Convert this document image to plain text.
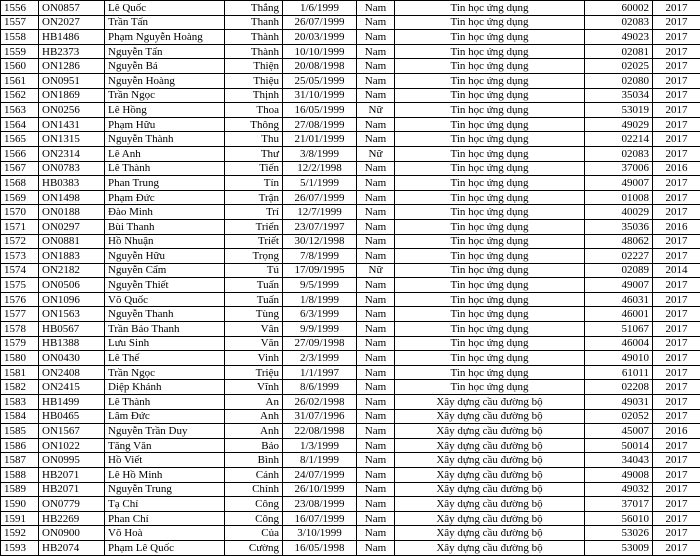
1556	ON0857	Lê Quốc	Thắng	1/6/1999	Nam	Tin học ứng dụng	60002	2017
1557	ON2027	Trần Tấn	Thanh	26/07/1999	Nam	Tin học ứng dụng	02083	2017
1558	HB1486	Phạm Nguyễn Hoàng	Thành	20/03/1999	Nam	Tin học ứng dụng	49023	2017
1559	HB2373	Nguyễn Tấn	Thành	10/10/1999	Nam	Tin học ứng dụng	02081	2017
1560	ON1286	Nguyễn Bá	Thiện	20/08/1998	Nam	Tin học ứng dụng	02025	2017
1561	ON0951	Nguyễn Hoàng	Thiệu	25/05/1999	Nam	Tin học ứng dụng	02080	2017
1562	ON1869	Trần Ngọc	Thịnh	31/10/1999	Nam	Tin học ứng dụng	35034	2017
1563	ON0256	Lê Hồng	Thoa	16/05/1999	Nữ	Tin học ứng dụng	53019	2017
1564	ON1431	Phạm Hữu	Thông	27/08/1999	Nam	Tin học ứng dụng	49029	2017
1565	ON1315	Nguyễn Thành	Thu	21/01/1999	Nam	Tin học ứng dụng	02214	2017
1566	ON2314	Lê Anh	Thư	3/8/1999	Nữ	Tin học ứng dụng	02083	2017
1567	ON0783	Lê Thành	Tiến	12/2/1998	Nam	Tin học ứng dụng	37006	2016
1568	HB0383	Phan Trung	Tín	5/1/1999	Nam	Tin học ứng dụng	49007	2017
1569	ON1498	Phạm Đức	Trận	26/07/1999	Nam	Tin học ứng dụng	01008	2017
1570	ON0188	Đào Minh	Trí	12/7/1999	Nam	Tin học ứng dụng	40029	2017
1571	ON0297	Bùi Thanh	Triển	23/07/1997	Nam	Tin học ứng dụng	35036	2016
1572	ON0881	Hồ Nhuận	Triết	30/12/1998	Nam	Tin học ứng dụng	48062	2017
1573	ON1883	Nguyễn Hữu	Trọng	7/8/1999	Nam	Tin học ứng dụng	02227	2017
1574	ON2182	Nguyễn Cẩm	Tú	17/09/1995	Nữ	Tin học ứng dụng	02089	2014
1575	ON0506	Nguyễn Thiết	Tuấn	9/5/1999	Nam	Tin học ứng dụng	49007	2017
1576	ON1096	Võ Quốc	Tuấn	1/8/1999	Nam	Tin học ứng dụng	46031	2017
1577	ON1563	Nguyễn Thanh	Tùng	6/3/1999	Nam	Tin học ứng dụng	46001	2017
1578	HB0567	Trần Bảo Thanh	Vân	9/9/1999	Nam	Tin học ứng dụng	51067	2017
1579	HB1388	Lưu Sinh	Văn	27/09/1998	Nam	Tin học ứng dụng	46004	2017
1580	ON0430	Lê Thế	Vinh	2/3/1999	Nam	Tin học ứng dụng	49010	2017
1581	ON2408	Trần Ngọc	Triệu	1/1/1997	Nam	Tin học ứng dụng	61011	2017
1582	ON2415	Diệp Khánh	Vĩnh	8/6/1999	Nam	Tin học ứng dụng	02208	2017
1583	HB1499	Lê Thành	An	26/02/1998	Nam	Xây dựng cầu đường bộ	49031	2017
1584	HB0465	Lâm Đức	Anh	31/07/1996	Nam	Xây dựng cầu đường bộ	02052	2017
1585	ON1567	Nguyễn Trần Duy	Anh	22/08/1998	Nam	Xây dựng cầu đường bộ	45007	2016
1586	ON1022	Tăng Văn	Bảo	1/3/1999	Nam	Xây dựng cầu đường bộ	50014	2017
1587	ON0995	Hồ Viết	Bình	8/1/1999	Nam	Xây dựng cầu đường bộ	34043	2017
1588	HB2071	Lê Hồ Minh	Cảnh	24/07/1999	Nam	Xây dựng cầu đường bộ	49008	2017
1589	HB2071	Nguyễn Trung	Chính	26/10/1999	Nam	Xây dựng cầu đường bộ	49032	2017
1590	ON0779	Tạ Chí	Công	23/08/1999	Nam	Xây dựng cầu đường bộ	37017	2017
1591	HB2269	Phan Chí	Công	16/07/1999	Nam	Xây dựng cầu đường bộ	56010	2017
1592	ON0900	Võ Hoà	Của	3/10/1999	Nam	Xây dựng cầu đường bộ	53026	2017
1593	HB2074	Phạm Lê Quốc	Cường	16/05/1998	Nam	Xây dựng cầu đường bộ	53009	2017
